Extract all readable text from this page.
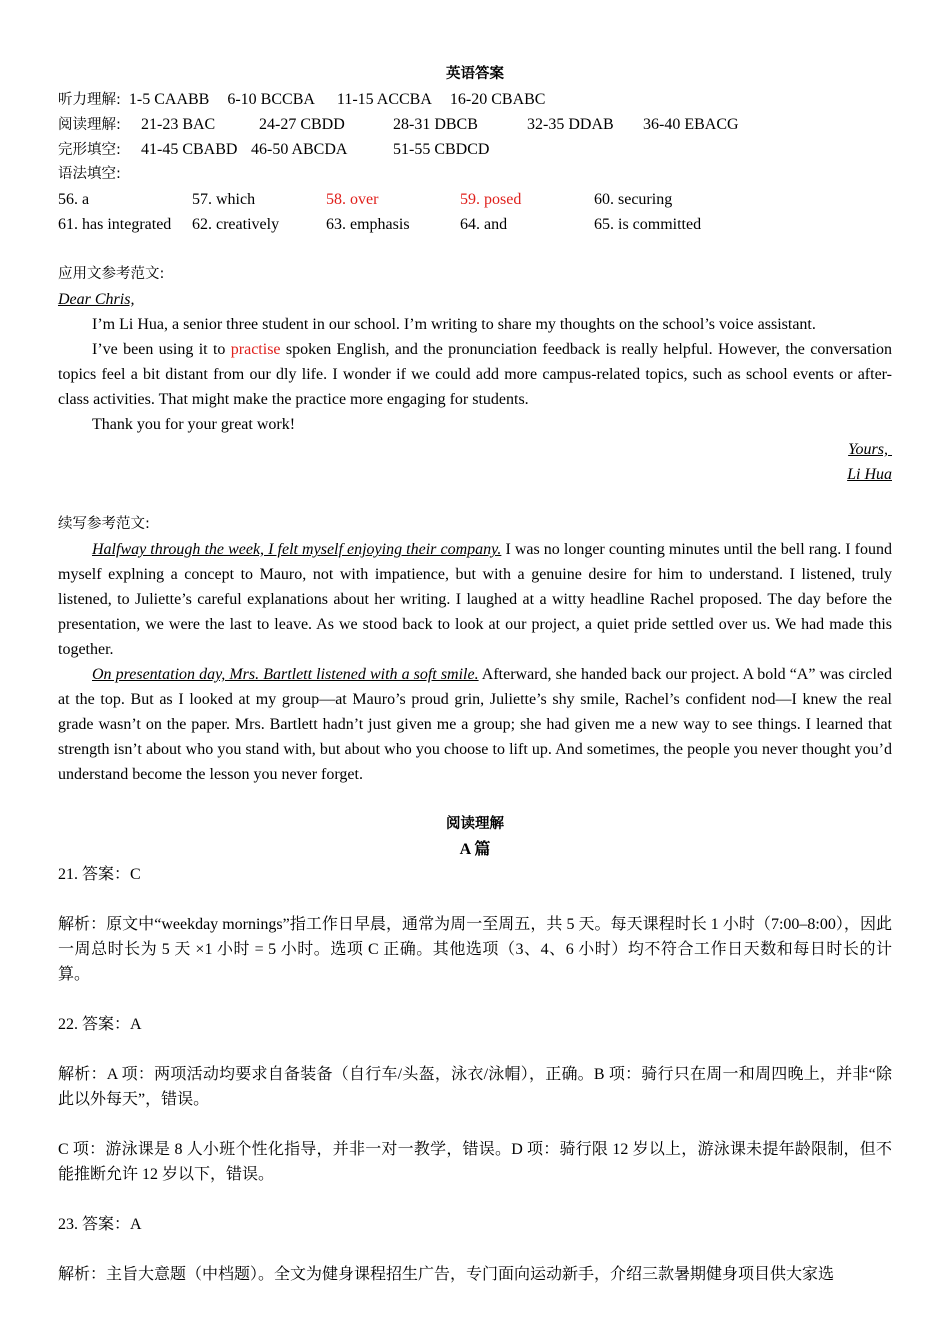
英语答案
听力理解: 1-5 CAABB 6-10 BCCBA 11-15 ACCBA 16-20 CBABC
阅读理解: 21-23 BAC	24-27 CBDD	28-31 DBCB	32-35 DDAB 36-40 EBACG
完形填空: 41-45 CBABD 46-50 ABCDA	51-55 CBDCD
语法填空:
56. a	57. which	58. over	59. posed	60. securing
61. has integrated 62. creatively	63. emphasis	64. and	65. is committed
应用文参考范文:
Dear Chris,

I’m Li Hua, a senior three student in our school. I’m writing to share my thoughts on the school’s voice assistant.

I’ve been using it to practise spoken English, and the pronunciation feedback is really helpful. However, the conversation topics feel a bit distant from our dly life. I wonder if we could add more campus-related topics, such as school events or after-class activities. That might make the practice more engaging for students.

Thank you for your great work!

Yours,
Li Hua
续写参考范文:

Halfway through the week, I felt myself enjoying their company. I was no longer counting minutes until the bell rang. I found myself explning a concept to Mauro, not with impatience, but with a genuine desire for him to understand. I listened, truly listened, to Juliette’s careful explanations about her writing. I laughed at a witty headline Rachel proposed. The day before the presentation, we were the last to leave. As we stood back to look at our project, a quiet pride settled over us. We had made this together.

On presentation day, Mrs. Bartlett listened with a soft smile. Afterward, she handed back our project. A bold “A” was circled at the top. But as I looked at my group—at Mauro’s proud grin, Juliette’s shy smile, Rachel’s confident nod—I knew the real grade wasn’t on the paper. Mrs. Bartlett hadn’t just given me a group; she had given me a new way to see things. I learned that strength isn’t about who you stand with, but about who you choose to lift up. And sometimes, the people you never thought you’d understand become the lesson you never forget.

阅读理解
A 篇
21. 答案：C

解析：原文中“weekday mornings”指工作日早晨，通常为周一至周五，共 5 天。每天课程时长 1 小时（7:00–8:00），因此一周总时长为 5 天 ×1 小时 = 5 小时。选项 C 正确。其他选项（3、4、6 小时）均不符合工作日天数和每日时长的计算。

22. 答案：A

解析：A 项：两项活动均要求自备装备（自行车/头盔，泳衣/泳帽），正确。B 项：骑行只在周一和周四晚上，并非“除此以外每天”，错误。

C 项：游泳课是 8 人小班个性化指导，并非一对一教学，错误。D 项：骑行限 12 岁以上，游泳课未提年龄限制，但不能推断允许 12 岁以下，错误。

23. 答案：A

解析：主旨大意题（中档题）。全文为健身课程招生广告，专门面向运动新手，介绍三款暑期健身项目供大家选
